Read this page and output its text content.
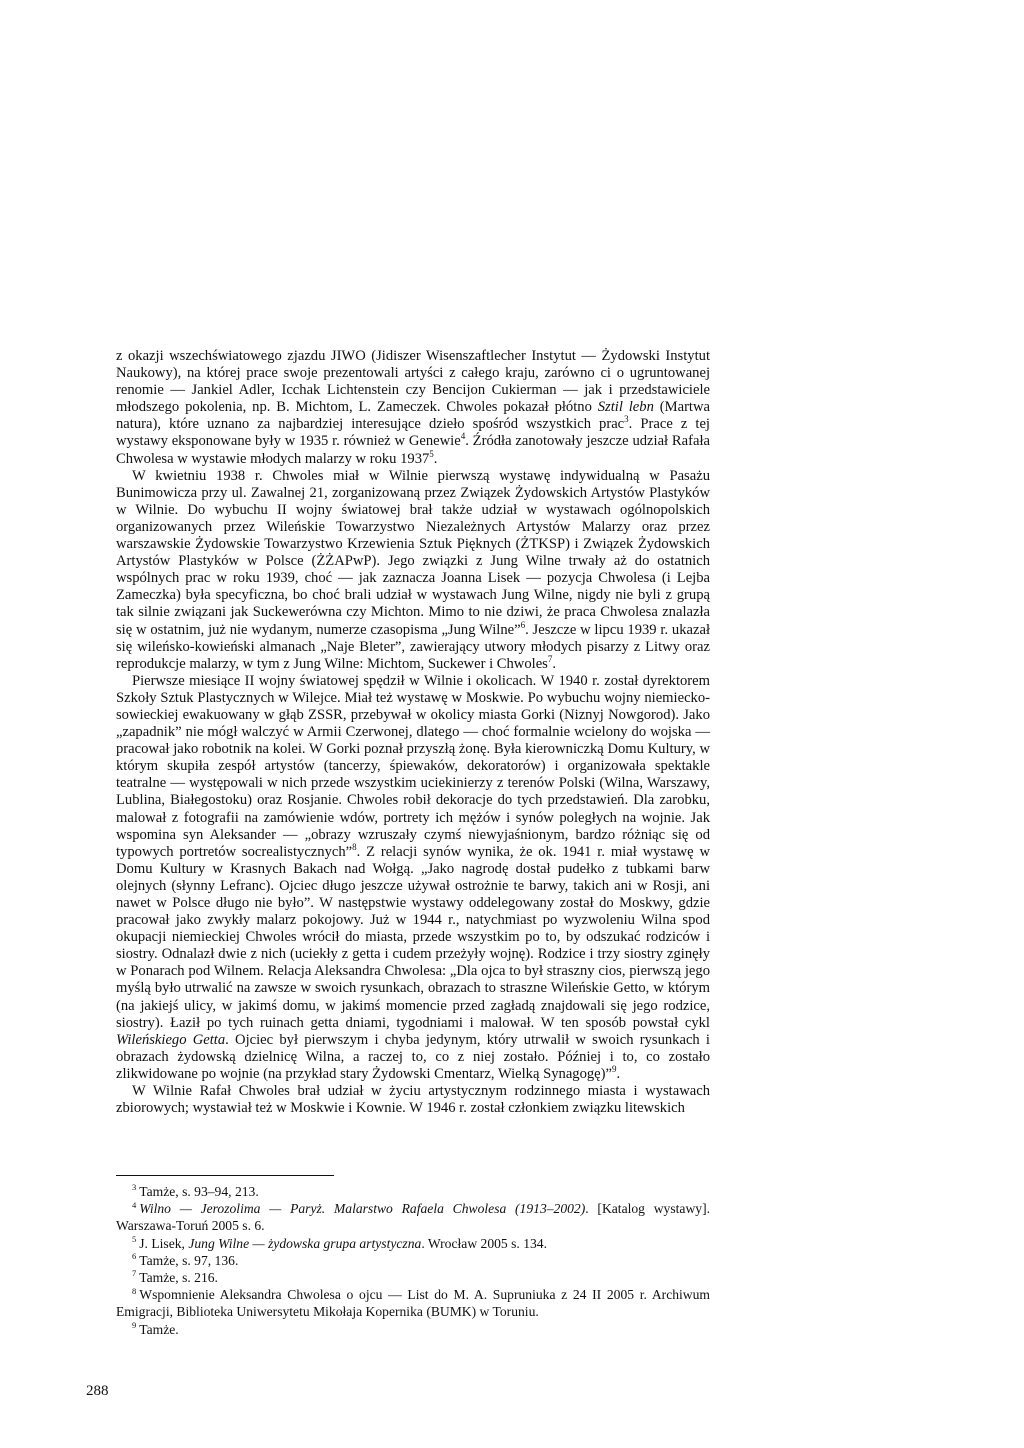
z okazji wszechświatowego zjazdu JIWO (Jidiszer Wisenszaftlecher Instytut — Żydowski Instytut Naukowy), na której prace swoje prezentowali artyści z całego kraju, zarówno ci o ugruntowanej renomie — Jankiel Adler, Icchak Lichtenstein czy Bencijon Cukierman — jak i przedstawiciele młodszego pokolenia, np. B. Michtom, L. Zameczek. Chwoles pokazał płótno Sztil lebn (Martwa natura), które uznano za najbardziej interesujące dzieło spośród wszystkich prac$^3$. Prace z tej wystawy eksponowane były w 1935 r. również w Genewie$^4$. Źródła zanotowały jeszcze udział Rafała Chwolesa w wystawie młodych malarzy w roku 1937$^5$.

W kwietniu 1938 r. Chwoles miał w Wilnie pierwszą wystawę indywidualną w Pasażu Bunimowicza przy ul. Zawalnej 21, zorganizowaną przez Związek Żydowskich Artystów Plastyków w Wilnie. Do wybuchu II wojny światowej brał także udział w wystawach ogólnopolskich organizowanych przez Wileńskie Towarzystwo Niezależnych Artystów Malarzy oraz przez warszawskie Żydowskie Towarzystwo Krzewienia Sztuk Pięknych (ŻTKSP) i Związek Żydowskich Artystów Plastyków w Polsce (ŻŻAPwP). Jego związki z Jung Wilne trwały aż do ostatnich wspólnych prac w roku 1939, choć — jak zaznacza Joanna Lisek — pozycja Chwolesa (i Lejba Zameczka) była specyficzna, bo choć brali udział w wystawach Jung Wilne, nigdy nie byli z grupą tak silnie związani jak Suckewerówna czy Michton. Mimo to nie dziwi, że praca Chwolesa znalazła się w ostatnim, już nie wydanym, numerze czasopisma „Jung Wilne”$^6$. Jeszcze w lipcu 1939 r. ukazał się wileńsko-kowieński almanach „Naje Bleter”, zawierający utwory młodych pisarzy z Litwy oraz reprodukcje malarzy, w tym z Jung Wilne: Michtom, Suckewer i Chwoles$^7$.

Pierwsze miesiące II wojny światowej spędził w Wilnie i okolicach. W 1940 r. został dyrektorem Szkoły Sztuk Plastycznych w Wilejce. Miał też wystawę w Moskwie. Po wybuchu wojny niemiecko-sowieckiej ewakuowany w głąb ZSSR, przebywał w okolicy miasta Gorki (Niznyj Nowgorod). Jako „zapadnik” nie mógł walczyć w Armii Czerwonej, dlatego — choć formalnie wcielony do wojska — pracował jako robotnik na kolei. W Gorki poznał przyszłą żonę. Była kierowniczką Domu Kultury, w którym skupiła zespół artystów (tancerzy, śpiewaków, dekoratorów) i organizowała spektakle teatralne — występowali w nich przede wszystkim uciekinierzy z terenów Polski (Wilna, Warszawy, Lublina, Białegostoku) oraz Rosjanie. Chwoles robił dekoracje do tych przedstawień. Dla zarobku, malował z fotografii na zamówienie wdów, portrety ich mężów i synów poległych na wojnie. Jak wspomina syn Aleksander — „obrazy wzruszały czymś niewyjaśnionym, bardzo różniąc się od typowych portretów socrealistycznych”$^8$. Z relacji synów wynika, że ok. 1941 r. miał wystawę w Domu Kultury w Krasnych Bakach nad Wołgą. „Jako nagrodę dostał pudełko z tubkami barw olejnych (słynny Lefranc). Ojciec długo jeszcze używał ostrożnie te barwy, takich ani w Rosji, ani nawet w Polsce długo nie było”. W następstwie wystawy oddelegowany został do Moskwy, gdzie pracował jako zwykły malarz pokojowy. Już w 1944 r., natychmiast po wyzwoleniu Wilna spod okupacji niemieckiej Chwoles wrócił do miasta, przede wszystkim po to, by odszukać rodziców i siostry. Odnalazł dwie z nich (uciekły z getta i cudem przeżyły wojnę). Rodzice i trzy siostry zginęły w Ponarach pod Wilnem. Relacja Aleksandra Chwolesa: „Dla ojca to był straszny cios, pierwszą jego myślą było utrwalić na zawsze w swoich rysunkach, obrazach to straszne Wileńskie Getto, w którym (na jakiejś ulicy, w jakimś domu, w jakimś momencie przed zagładą znajdowali się jego rodzice, siostry). Łaził po tych ruinach getta dniami, tygodniami i malował. W ten sposób powstał cykl Wileńskiego Getta. Ojciec był pierwszym i chyba jedynym, który utrwalił w swoich rysunkach i obrazach żydowską dzielnicę Wilna, a raczej to, co z niej zostało. Później i to, co zostało zlikwidowane po wojnie (na przykład stary Żydowski Cmentarz, Wielką Synagogę)”$^9$.

W Wilnie Rafał Chwoles brał udział w życiu artystycznym rodzinnego miasta i wystawach zbiorowych; wystawiał też w Moskwie i Kownie. W 1946 r. został członkiem związku litewskich

$^3$ Tamże, s. 93–94, 213.

$^4$ Wilno — Jerozolima — Paryż. Malarstwo Rafaela Chwolesa (1913–2002). [Katalog wystawy]. Warszawa-Toruń 2005 s. 6.

$^5$ J. Lisek, Jung Wilne — żydowska grupa artystyczna. Wrocław 2005 s. 134.

$^6$ Tamże, s. 97, 136.

$^7$ Tamże, s. 216.

$^8$ Wspomnienie Aleksandra Chwolesa o ojcu — List do M. A. Supruniuka z 24 II 2005 r. Archiwum Emigracji, Biblioteka Uniwersytetu Mikołaja Kopernika (BUMK) w Toruniu.

$^9$ Tamże.

288
